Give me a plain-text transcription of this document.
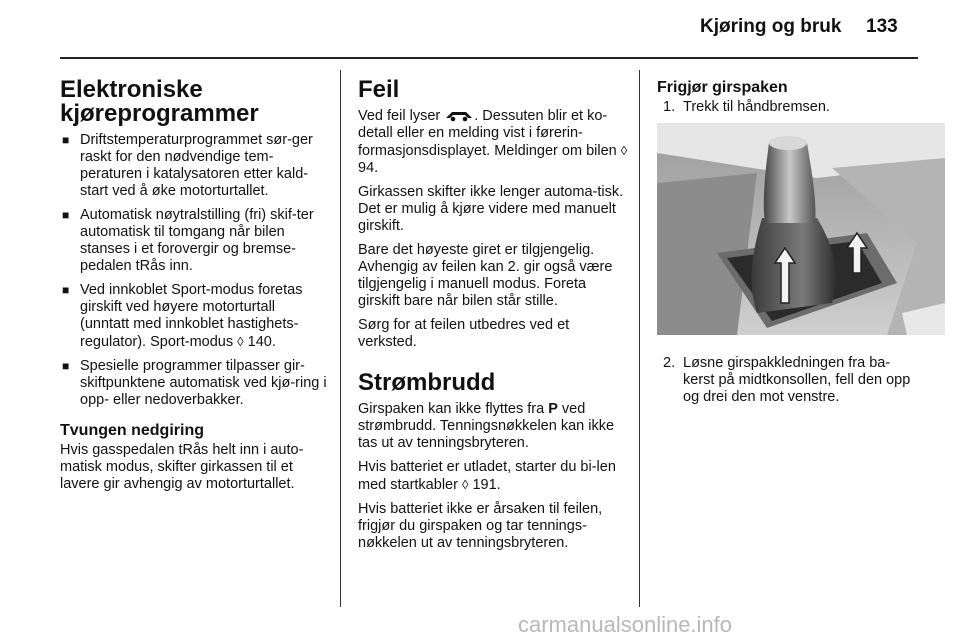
Kjøring og bruk 133
Elektroniske
kjøreprogrammer
■ Driftstemperaturprogrammet sør-ger raskt for den nødvendige tem-peraturen i katalysatoren etter kald-start ved å øke motorturtallet.
■ Automatisk nøytralstilling (fri) skif-ter automatisk til tomgang når bilen stanses i et forovergir og bremse-pedalen tRås inn.
■ Ved innkoblet Sport-modus foretas girskift ved høyere motorturtall (unntatt med innkoblet hastighets-regulator). Sport-modus ◊ 140.
■ Spesielle programmer tilpasser gir-skiftpunktene automatisk ved kjø-ring i opp- eller nedoverbakker.
Tvungen nedgiring

Hvis gasspedalen tRås helt inn i auto-matisk modus, skifter girkassen til et lavere gir avhengig av motorturtallet.

Feil

Ved feil lyser . Dessuten blir et ko-detall eller en melding vist i førerin-formasjonsdisplayet. Meldinger om bilen ◊ 94.

Girkassen skifter ikke lenger automa-tisk. Det er mulig å kjøre videre med manuelt girskift.

Bare det høyeste giret er tilgjengelig. Avhengig av feilen kan 2. gir også være tilgjengelig i manuell modus. Foreta girskift bare når bilen står stille.

Sørg for at feilen utbedres ved et verksted.

Strømbrudd

Girspaken kan ikke flyttes fra P ved strømbrudd. Tenningsnøkkelen kan ikke tas ut av tenningsbryteren.

Hvis batteriet er utladet, starter du bi-len med startkabler ◊ 191.

Hvis batteriet ikke er årsaken til feilen, frigjør du girspaken og tar tennings-nøkkelen ut av tenningsbryteren.

Frigjør girspaken
1. Trekk til håndbremsen.
2. Løsne girspakkledningen fra ba-kerst på midtkonsollen, fell den opp og drei den mot venstre.
carmanualsonline.info
